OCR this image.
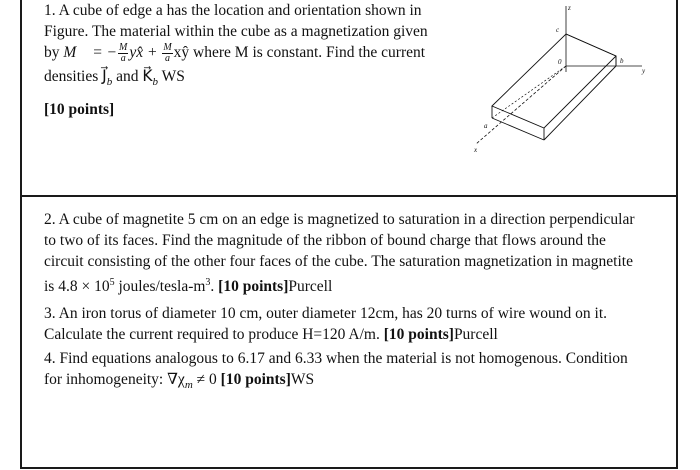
1. A cube of edge a has the location and orientation shown in
Figure. The material within the cube as a magnetization given
by M⃗ = − $\frac{M}{a}$ yx̂ + $\frac{M}{a}$ xŷ where M is constant. Find the current
densities $J⃗_b$ and $K⃗_b$ WS
[10 points]
z
c
0	b
y
a
x
2. A cube of magnetite 5 cm on an edge is magnetized to saturation in a direction perpendicular
to two of its faces. Find the magnitude of the ribbon of bound charge that flows around the
circuit consisting of the other four faces of the cube. The saturation magnetization in magnetite
is $4.8 \times 10^5$ joules/$tesla-m^3$. [10 points]Purcell
3. An iron torus of diameter 10 cm, outer diameter 12cm, has 20 turns of wire wound on it.
Calculate the current required to produce H=120 A/m. [10 points]Purcell
4. Find equations analogous to 6.17 and 6.33 when the material is not homogenous. Condition
for inhomogeneity: $\nabla\chi_m \ne 0$ [10 points]WS
